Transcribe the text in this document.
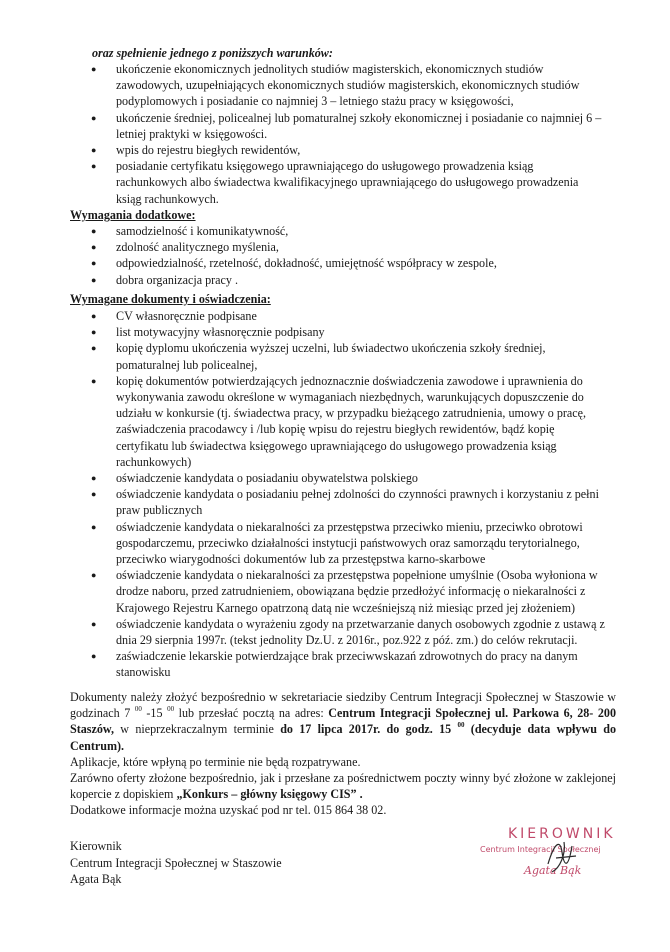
oraz spełnienie jednego z poniższych warunków:
● ukończenie ekonomicznych jednolitych studiów magisterskich, ekonomicznych studiów zawodowych, uzupełniających ekonomicznych studiów magisterskich, ekonomicznych studiów podyplomowych i posiadanie co najmniej 3 – letniego stażu pracy w księgowości,
● ukończenie średniej, policealnej lub pomaturalnej szkoły ekonomicznej i posiadanie co najmniej 6 – letniej praktyki w księgowości.
● wpis do rejestru biegłych rewidentów,
● posiadanie certyfikatu księgowego uprawniającego do usługowego prowadzenia ksiąg rachunkowych albo świadectwa kwalifikacyjnego uprawniającego do usługowego prowadzenia ksiąg rachunkowych.
Wymagania dodatkowe:
● samodzielność i komunikatywność,
● zdolność analitycznego myślenia,
● odpowiedzialność, rzetelność, dokładność, umiejętność współpracy w zespole,
● dobra organizacja pracy .
Wymagane dokumenty i oświadczenia:
● CV własnoręcznie podpisane
● list motywacyjny własnoręcznie podpisany
● kopię dyplomu ukończenia wyższej uczelni, lub świadectwo ukończenia szkoły średniej, pomaturalnej lub policealnej,
● kopię dokumentów potwierdzających jednoznacznie doświadczenia zawodowe i uprawnienia do wykonywania zawodu określone w wymaganiach niezbędnych, warunkujących dopuszczenie do udziału w konkursie (tj. świadectwa pracy, w przypadku bieżącego zatrudnienia, umowy o pracę, zaświadczenia pracodawcy i /lub kopię wpisu do rejestru biegłych rewidentów, bądź kopię certyfikatu lub świadectwa księgowego uprawniającego do usługowego prowadzenia ksiąg rachunkowych)
● oświadczenie kandydata o posiadaniu obywatelstwa polskiego
● oświadczenie kandydata o posiadaniu pełnej zdolności do czynności prawnych i korzystaniu z pełni praw publicznych
● oświadczenie kandydata o niekaralności za przestępstwa przeciwko mieniu, przeciwko obrotowi gospodarczemu, przeciwko działalności instytucji państwowych oraz samorządu terytorialnego, przeciwko wiarygodności dokumentów lub za przestępstwa karno-skarbowe
● oświadczenie kandydata o niekaralności za przestępstwa popełnione umyślnie (Osoba wyłoniona w drodze naboru, przed zatrudnieniem, obowiązana będzie przedłożyć informację o niekaralności z Krajowego Rejestru Karnego opatrzoną datą nie wcześniejszą niż miesiąc przed jej złożeniem)
● oświadczenie kandydata o wyrażeniu zgody na przetwarzanie danych osobowych zgodnie z ustawą z dnia 29 sierpnia 1997r. (tekst jednolity Dz.U. z 2016r., poz.922 z póź. zm.) do celów rekrutacji.
● zaświadczenie lekarskie potwierdzające brak przeciwwskazań zdrowotnych do pracy na danym stanowisku

Dokumenty należy złożyć bezpośrednio w sekretariacie siedziby Centrum Integracji Społecznej w Staszowie w godzinach 7 $^{00}$ -15 $^{00}$ lub przesłać pocztą na adres: Centrum Integracji Społecznej ul. Parkowa 6, 28- 200 Staszów, w nieprzekraczalnym terminie do 17 lipca 2017r. do godz. 15 $^{00}$ (decyduje data wpływu do Centrum).

Aplikacje, które wpłyną po terminie nie będą rozpatrywane.

Zarówno oferty złożone bezpośrednio, jak i przesłane za pośrednictwem poczty winny być złożone w zaklejonej kopercie z dopiskiem „Konkurs – główny księgowy CIS” .

Dodatkowe informacje można uzyskać pod nr tel. 015 864 38 02.

Kierownik
Centrum Integracji Społecznej w Staszowie
Agata Bąk
KIEROWNIK
Centrum Integracji Społecznej
Agata Bąk
